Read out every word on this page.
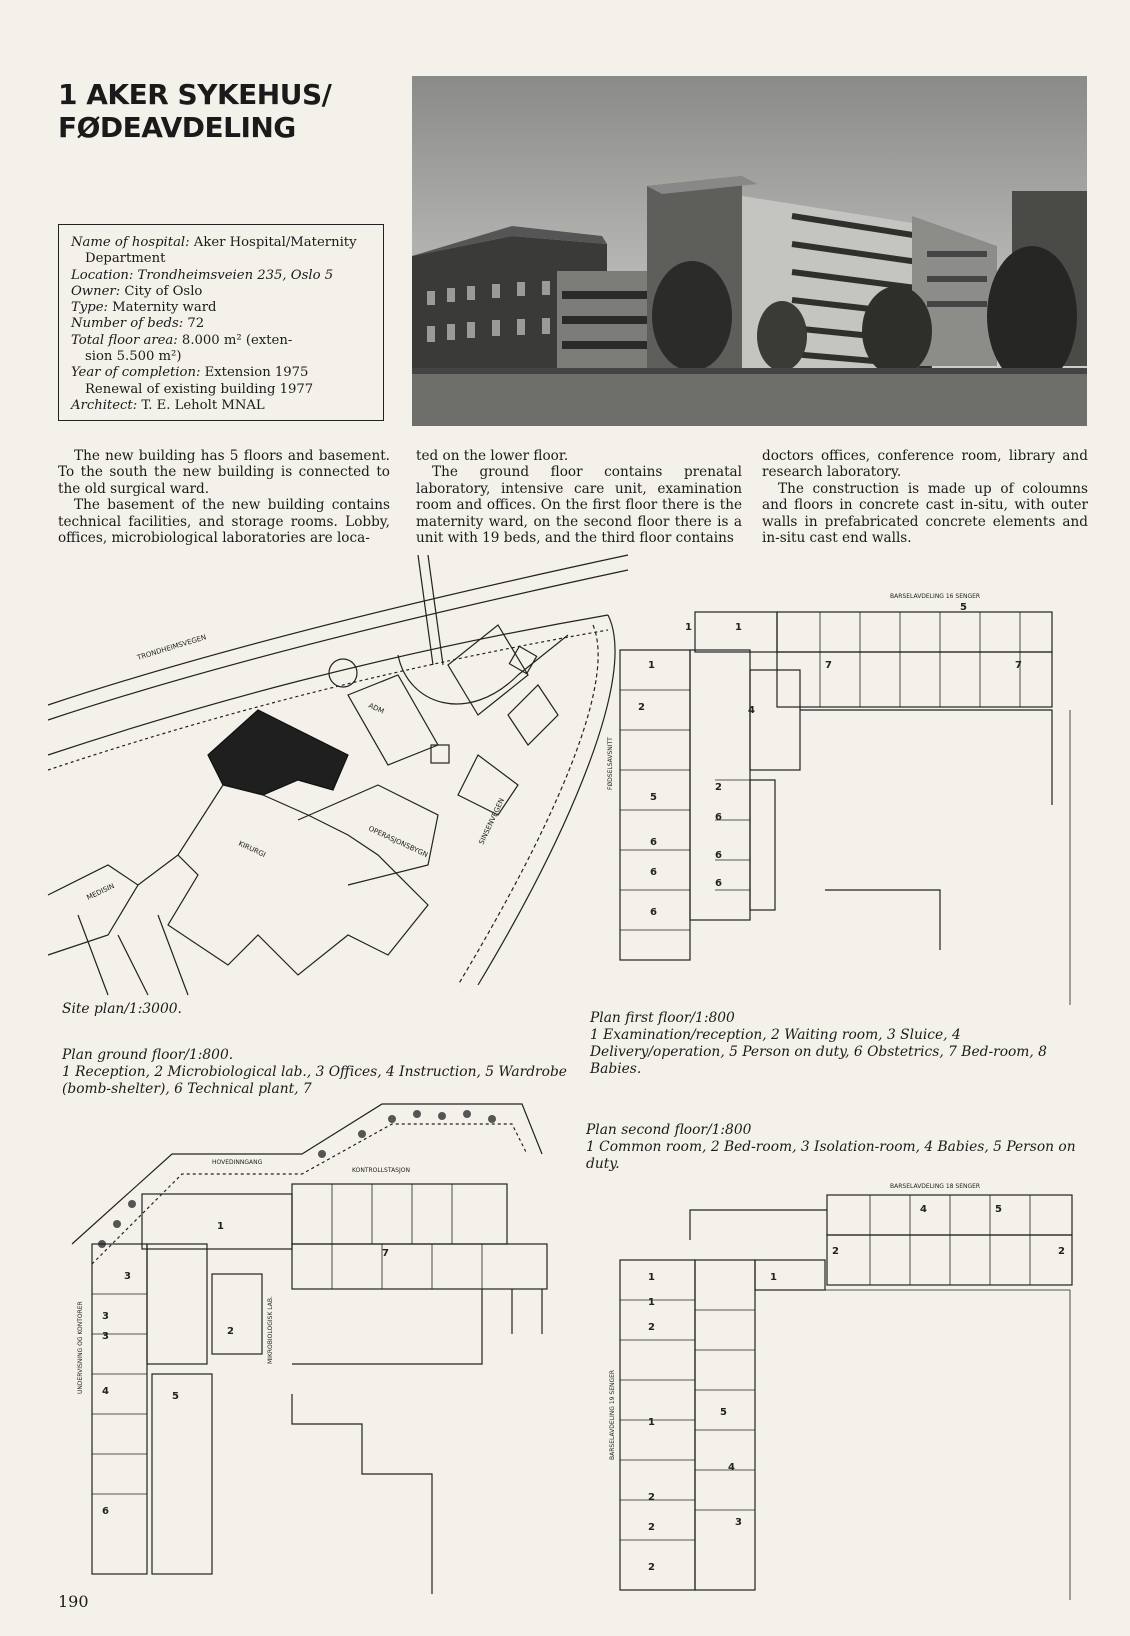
1 AKER SYKEHUS/
FØDEAVDELING
Name of hospital: Aker Hospital/Maternity
Department
Location: Trondheimsveien 235, Oslo 5
Owner: City of Oslo
Type: Maternity ward
Number of beds: 72
Total floor area: 8.000 m² (exten-
sion 5.500 m²)
Year of completion: Extension 1975
Renewal of existing building 1977
Architect: T. E. Leholt MNAL

The new building has 5 floors and basement. To the south the new building is connected to the old surgical ward.

The basement of the new building contains technical facilities, and storage rooms. Lobby, offices, microbiological laboratories are loca-

ted on the lower floor.

The ground floor contains prenatal laboratory, intensive care unit, examination room and offices. On the first floor there is the maternity ward, on the second floor there is a unit with 19 beds, and the third floor contains

doctors offices, conference room, library and research laboratory.

The construction is made up of coloumns and floors in concrete cast in-situ, with outer walls in prefabricated concrete elements and in-situ cast end walls.

ADM
TRONDHEIMSVEGEN
SINSENVEGEN
KIRURGI	OPERASJONSBYGN
MEDISIN
BARSELAVDELING 16 SENGER
FØDSELSAVSNITT
1
2
5
6
6
6
4
2
6
6
6
1	1
5
7	7
HOVEDINNGANG
KONTROLLSTASJON
UNDERVISNING OG KONTORER	MIKROBIOLOGISK LAB.
1
3
3
3
4	5
2
6
7
BARSELAVDELING 18 SENGER
BARSELAVDELING 19 SENGER
1
1
2
1
2
2
2
5
4
3
1
2	2
4	5
Site plan/1:3000.
Plan first floor/1:800
1 Examination/reception, 2 Waiting room, 3 Sluice, 4 Delivery/operation, 5 Person on duty, 6 Obstetrics, 7 Bed-room, 8 Babies.
Plan ground floor/1:800.
1 Reception, 2 Microbiological lab., 3 Offices, 4 Instruction, 5 Wardrobe (bomb-shelter), 6 Technical plant, 7
Plan second floor/1:800
1 Common room, 2 Bed-room, 3 Isolation-room, 4 Babies, 5 Person on duty.
190
